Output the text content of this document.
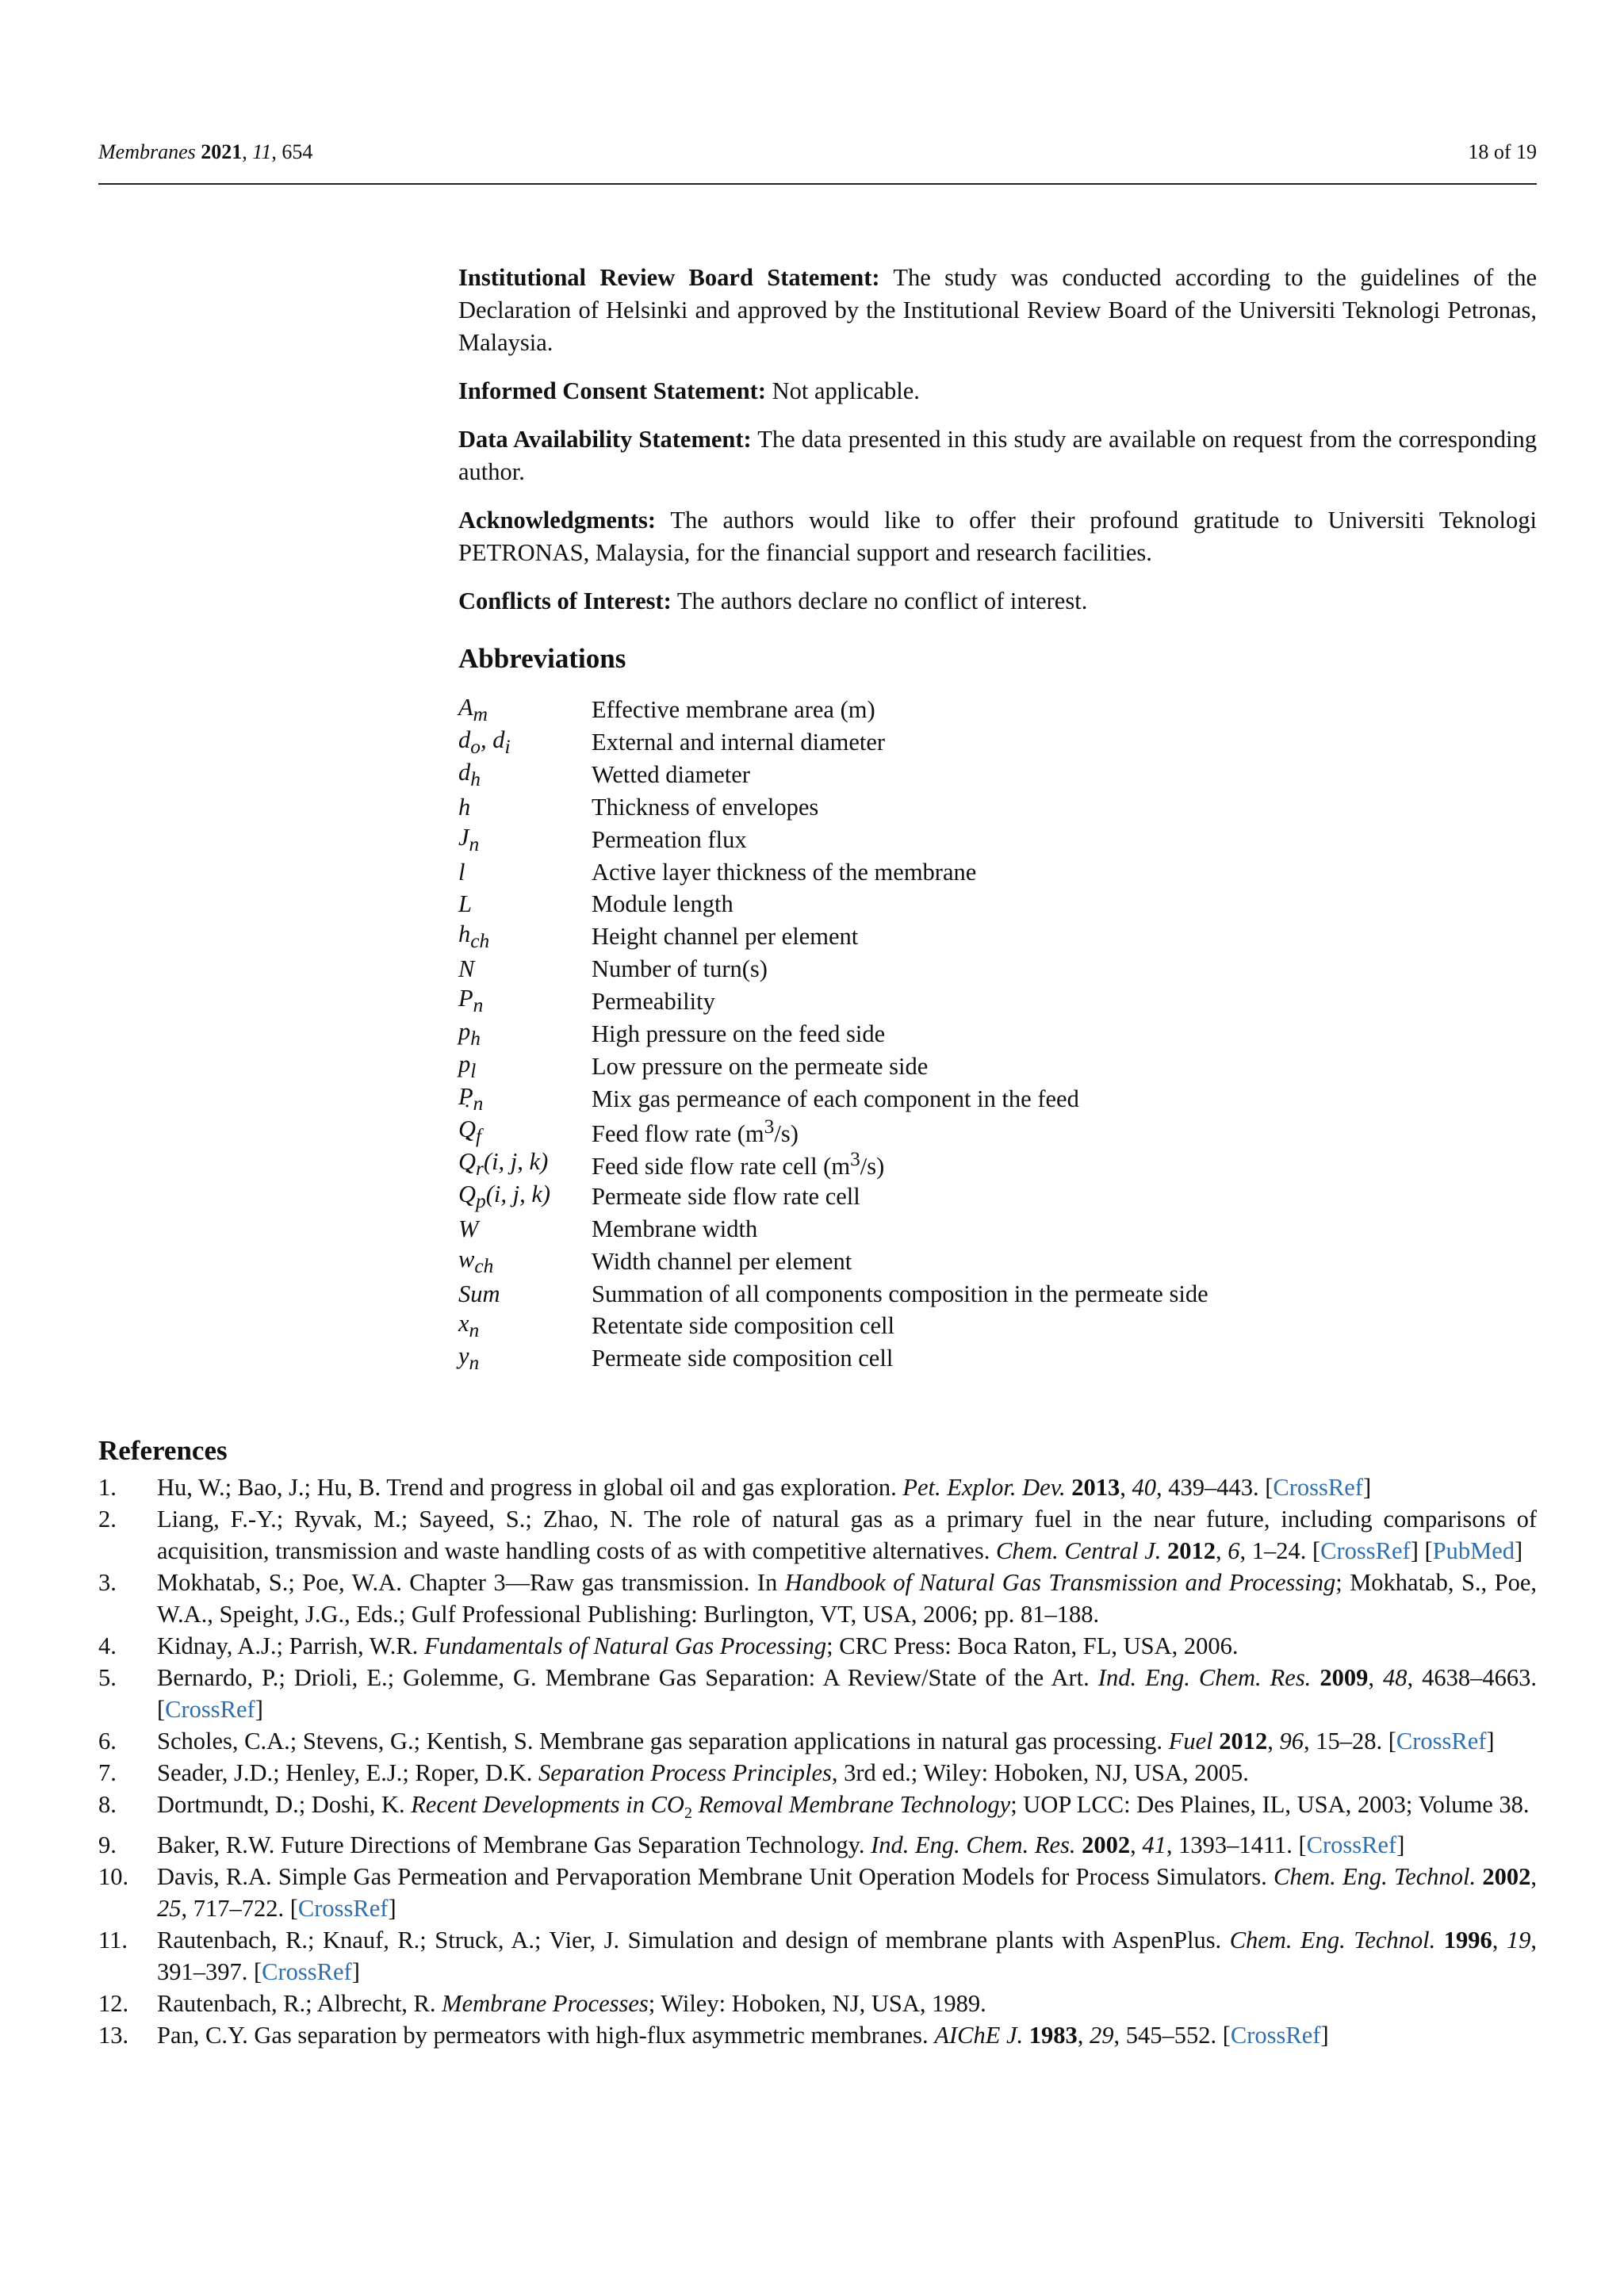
Membranes 2021, 11, 654	18 of 19

Institutional Review Board Statement: The study was conducted according to the guidelines of the Declaration of Helsinki and approved by the Institutional Review Board of the Universiti Teknologi Petronas, Malaysia.

Informed Consent Statement: Not applicable.

Data Availability Statement: The data presented in this study are available on request from the corresponding author.

Acknowledgments: The authors would like to offer their profound gratitude to Universiti Teknologi PETRONAS, Malaysia, for the financial support and research facilities.

Conflicts of Interest: The authors declare no conflict of interest.

Abbreviations
$A_m$	Effective membrane area (m)
$d_o$, $d_i$	External and internal diameter
$d_h$	Wetted diameter
h	Thickness of envelopes
$J_n$	Permeation flux
l	Active layer thickness of the membrane
L	Module length
$h_{ch}$	Height channel per element
N	Number of turn(s)
$P_n$	Permeability
$p_h$	High pressure on the feed side
$p_l$	Low pressure on the permeate side
$P_n$	Mix gas permeance of each component in the feed
˙ $Q_f$	Feed flow rate $(m^3/s)$
˙ $Q_r(i$, j, k)	Feed side flow rate cell $(m^3/s)$
˙ $Q_p(i$, j, k)	Permeate side flow rate cell
W	Membrane width
$w_{ch}$	Width channel per element
Sum	Summation of all components composition in the permeate side
$x_n$	Retentate side composition cell
$y_n$	Permeate side composition cell
References
1. Hu, W.; Bao, J.; Hu, B. Trend and progress in global oil and gas exploration. Pet. Explor. Dev. 2013, 40, 439–443. [CrossRef]
2. Liang, F.-Y.; Ryvak, M.; Sayeed, S.; Zhao, N. The role of natural gas as a primary fuel in the near future, including comparisons of acquisition, transmission and waste handling costs of as with competitive alternatives. Chem. Central J. 2012, 6, 1–24. [CrossRef] [PubMed]
3. Mokhatab, S.; Poe, W.A. Chapter 3—Raw gas transmission. In Handbook of Natural Gas Transmission and Processing; Mokhatab, S., Poe, W.A., Speight, J.G., Eds.; Gulf Professional Publishing: Burlington, VT, USA, 2006; pp. 81–188.
4. Kidnay, A.J.; Parrish, W.R. Fundamentals of Natural Gas Processing; CRC Press: Boca Raton, FL, USA, 2006.
5. Bernardo, P.; Drioli, E.; Golemme, G. Membrane Gas Separation: A Review/State of the Art. Ind. Eng. Chem. Res. 2009, 48, 4638–4663. [CrossRef]
6. Scholes, C.A.; Stevens, G.; Kentish, S. Membrane gas separation applications in natural gas processing. Fuel 2012, 96, 15–28. [CrossRef]
7. Seader, J.D.; Henley, E.J.; Roper, D.K. Separation Process Principles, 3rd ed.; Wiley: Hoboken, NJ, USA, 2005.
8. Dortmundt, D.; Doshi, K. Recent Developments in $CO_2$ Removal Membrane Technology; UOP LCC: Des Plaines, IL, USA, 2003; Volume 38.
9. Baker, R.W. Future Directions of Membrane Gas Separation Technology. Ind. Eng. Chem. Res. 2002, 41, 1393–1411. [CrossRef]
10. Davis, R.A. Simple Gas Permeation and Pervaporation Membrane Unit Operation Models for Process Simulators. Chem. Eng. Technol. 2002, 25, 717–722. [CrossRef]
11. Rautenbach, R.; Knauf, R.; Struck, A.; Vier, J. Simulation and design of membrane plants with AspenPlus. Chem. Eng. Technol. 1996, 19, 391–397. [CrossRef]
12. Rautenbach, R.; Albrecht, R. Membrane Processes; Wiley: Hoboken, NJ, USA, 1989.
13. Pan, C.Y. Gas separation by permeators with high-flux asymmetric membranes. AIChE J. 1983, 29, 545–552. [CrossRef]
